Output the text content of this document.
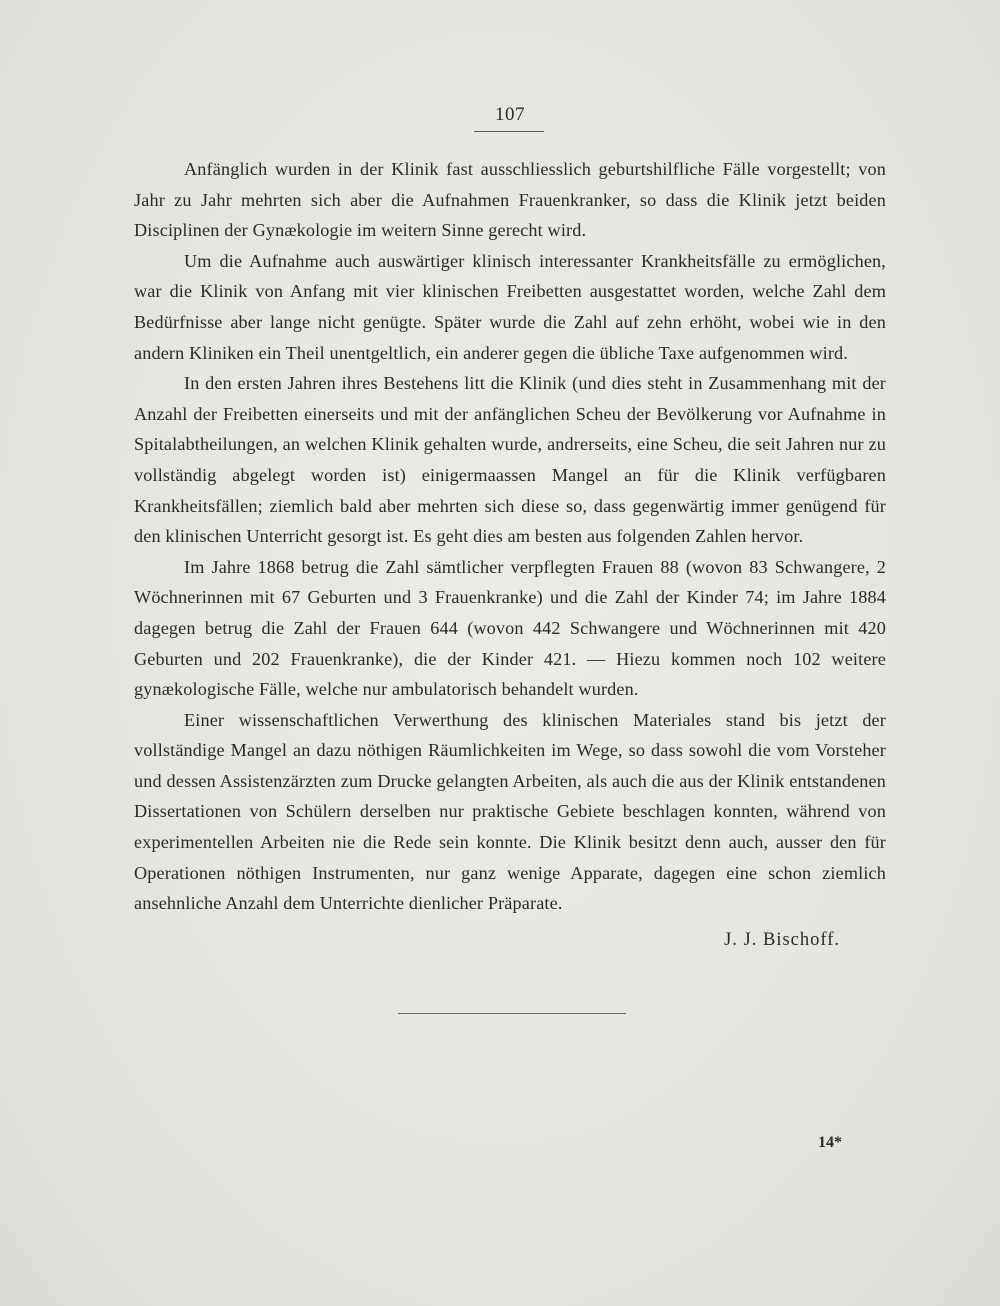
107

Anfänglich wurden in der Klinik fast ausschliesslich geburtshilfliche Fälle vorgestellt; von Jahr zu Jahr mehrten sich aber die Aufnahmen Frauenkranker, so dass die Klinik jetzt beiden Disciplinen der Gynækologie im weitern Sinne gerecht wird.

Um die Aufnahme auch auswärtiger klinisch interessanter Krankheitsfälle zu ermöglichen, war die Klinik von Anfang mit vier klinischen Freibetten ausgestattet worden, welche Zahl dem Bedürfnisse aber lange nicht genügte. Später wurde die Zahl auf zehn erhöht, wobei wie in den andern Kliniken ein Theil unentgeltlich, ein anderer gegen die übliche Taxe aufgenommen wird.

In den ersten Jahren ihres Bestehens litt die Klinik (und dies steht in Zusammenhang mit der Anzahl der Freibetten einerseits und mit der anfänglichen Scheu der Bevölkerung vor Aufnahme in Spitalabtheilungen, an welchen Klinik gehalten wurde, andrerseits, eine Scheu, die seit Jahren nur zu vollständig abgelegt worden ist) einigermaassen Mangel an für die Klinik verfügbaren Krankheitsfällen; ziemlich bald aber mehrten sich diese so, dass gegenwärtig immer genügend für den klinischen Unterricht gesorgt ist. Es geht dies am besten aus folgenden Zahlen hervor.

Im Jahre 1868 betrug die Zahl sämtlicher verpflegten Frauen 88 (wovon 83 Schwangere, 2 Wöchnerinnen mit 67 Geburten und 3 Frauenkranke) und die Zahl der Kinder 74; im Jahre 1884 dagegen betrug die Zahl der Frauen 644 (wovon 442 Schwangere und Wöchnerinnen mit 420 Geburten und 202 Frauenkranke), die der Kinder 421. — Hiezu kommen noch 102 weitere gynækologische Fälle, welche nur ambulatorisch behandelt wurden.

Einer wissenschaftlichen Verwerthung des klinischen Materiales stand bis jetzt der vollständige Mangel an dazu nöthigen Räumlichkeiten im Wege, so dass sowohl die vom Vorsteher und dessen Assistenzärzten zum Drucke gelangten Arbeiten, als auch die aus der Klinik entstandenen Dissertationen von Schülern derselben nur praktische Gebiete beschlagen konnten, während von experimentellen Arbeiten nie die Rede sein konnte. Die Klinik besitzt denn auch, ausser den für Operationen nöthigen Instrumenten, nur ganz wenige Apparate, dagegen eine schon ziemlich ansehnliche Anzahl dem Unterrichte dienlicher Präparate.

J. J. Bischoff.
14*
